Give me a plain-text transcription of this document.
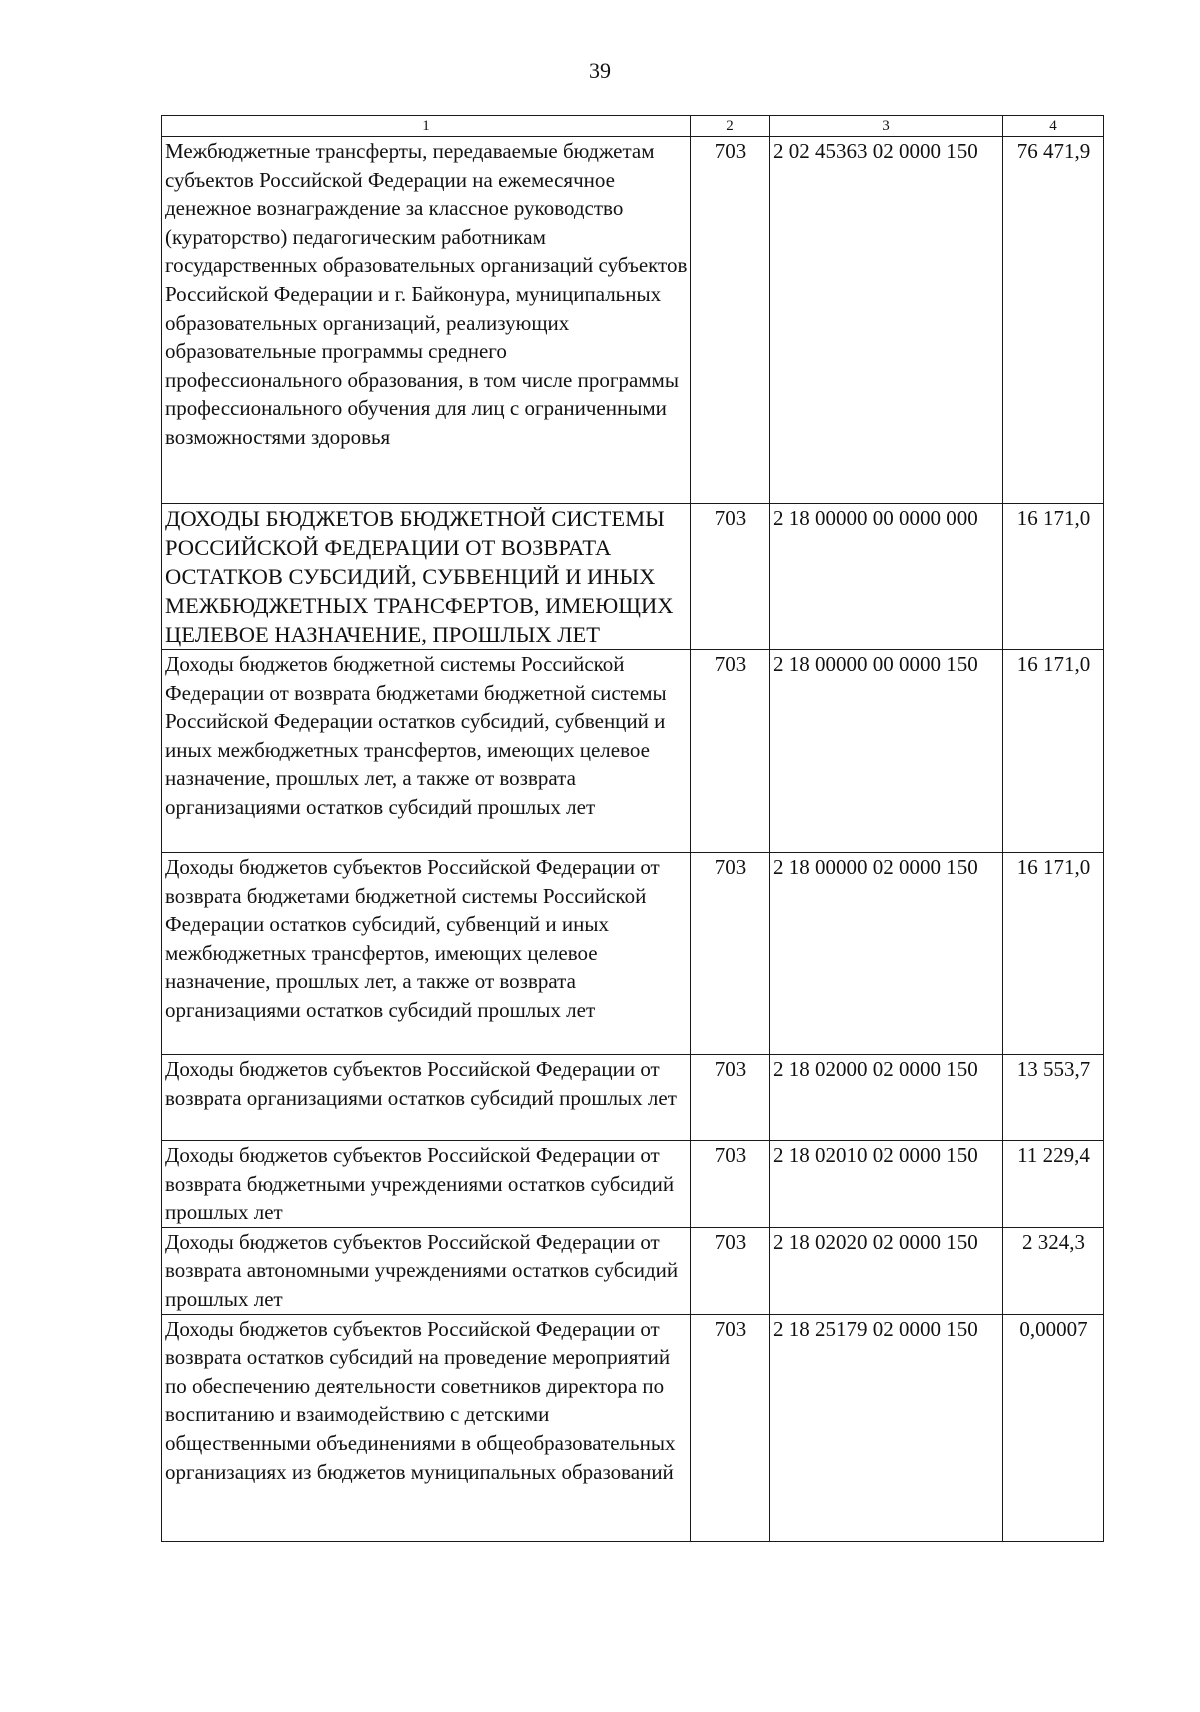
39
1	2	3	4
Межбюджетные трансферты, передаваемые бюджетам субъектов Российской Федерации на ежемесячное денежное вознаграждение за классное руководство (кураторство) педагогическим работникам государственных образовательных организаций субъектов Российской Федерации и г. Байконура, муниципальных образовательных организаций, реализующих образовательные программы среднего профессионального образования, в том числе программы профессионального обучения для лиц с ограниченными возможностями здоровья	703	2 02 45363 02 0000 150	76 471,9
ДОХОДЫ БЮДЖЕТОВ БЮДЖЕТНОЙ СИСТЕМЫ РОССИЙСКОЙ ФЕДЕРАЦИИ ОТ ВОЗВРАТА ОСТАТКОВ СУБСИДИЙ, СУБВЕНЦИЙ И ИНЫХ МЕЖБЮДЖЕТНЫХ ТРАНСФЕРТОВ, ИМЕЮЩИХ ЦЕЛЕВОЕ НАЗНАЧЕНИЕ, ПРОШЛЫХ ЛЕТ	703	2 18 00000 00 0000 000	16 171,0
Доходы бюджетов бюджетной системы Российской Федерации от возврата бюджетами бюджетной системы Российской Федерации остатков субсидий, субвенций и иных межбюджетных трансфертов, имеющих целевое назначение, прошлых лет, а также от возврата организациями остатков субсидий прошлых лет	703	2 18 00000 00 0000 150	16 171,0
Доходы бюджетов субъектов Российской Федерации от возврата бюджетами бюджетной системы Российской Федерации остатков субсидий, субвенций и иных межбюджетных трансфертов, имеющих целевое назначение, прошлых лет, а также от возврата организациями остатков субсидий прошлых лет	703	2 18 00000 02 0000 150	16 171,0
Доходы бюджетов субъектов Российской Федерации от возврата организациями остатков субсидий прошлых лет	703	2 18 02000 02 0000 150	13 553,7
Доходы бюджетов субъектов Российской Федерации от возврата бюджетными учреждениями остатков субсидий прошлых лет	703	2 18 02010 02 0000 150	11 229,4
Доходы бюджетов субъектов Российской Федерации от возврата автономными учреждениями остатков субсидий прошлых лет	703	2 18 02020 02 0000 150	2 324,3
Доходы бюджетов субъектов Российской Федерации от возврата остатков субсидий на проведение мероприятий по обеспечению деятельности советников директора по воспитанию и взаимодействию с детскими общественными объединениями в общеобразовательных организациях из бюджетов муниципальных образований	703	2 18 25179 02 0000 150	0,00007
